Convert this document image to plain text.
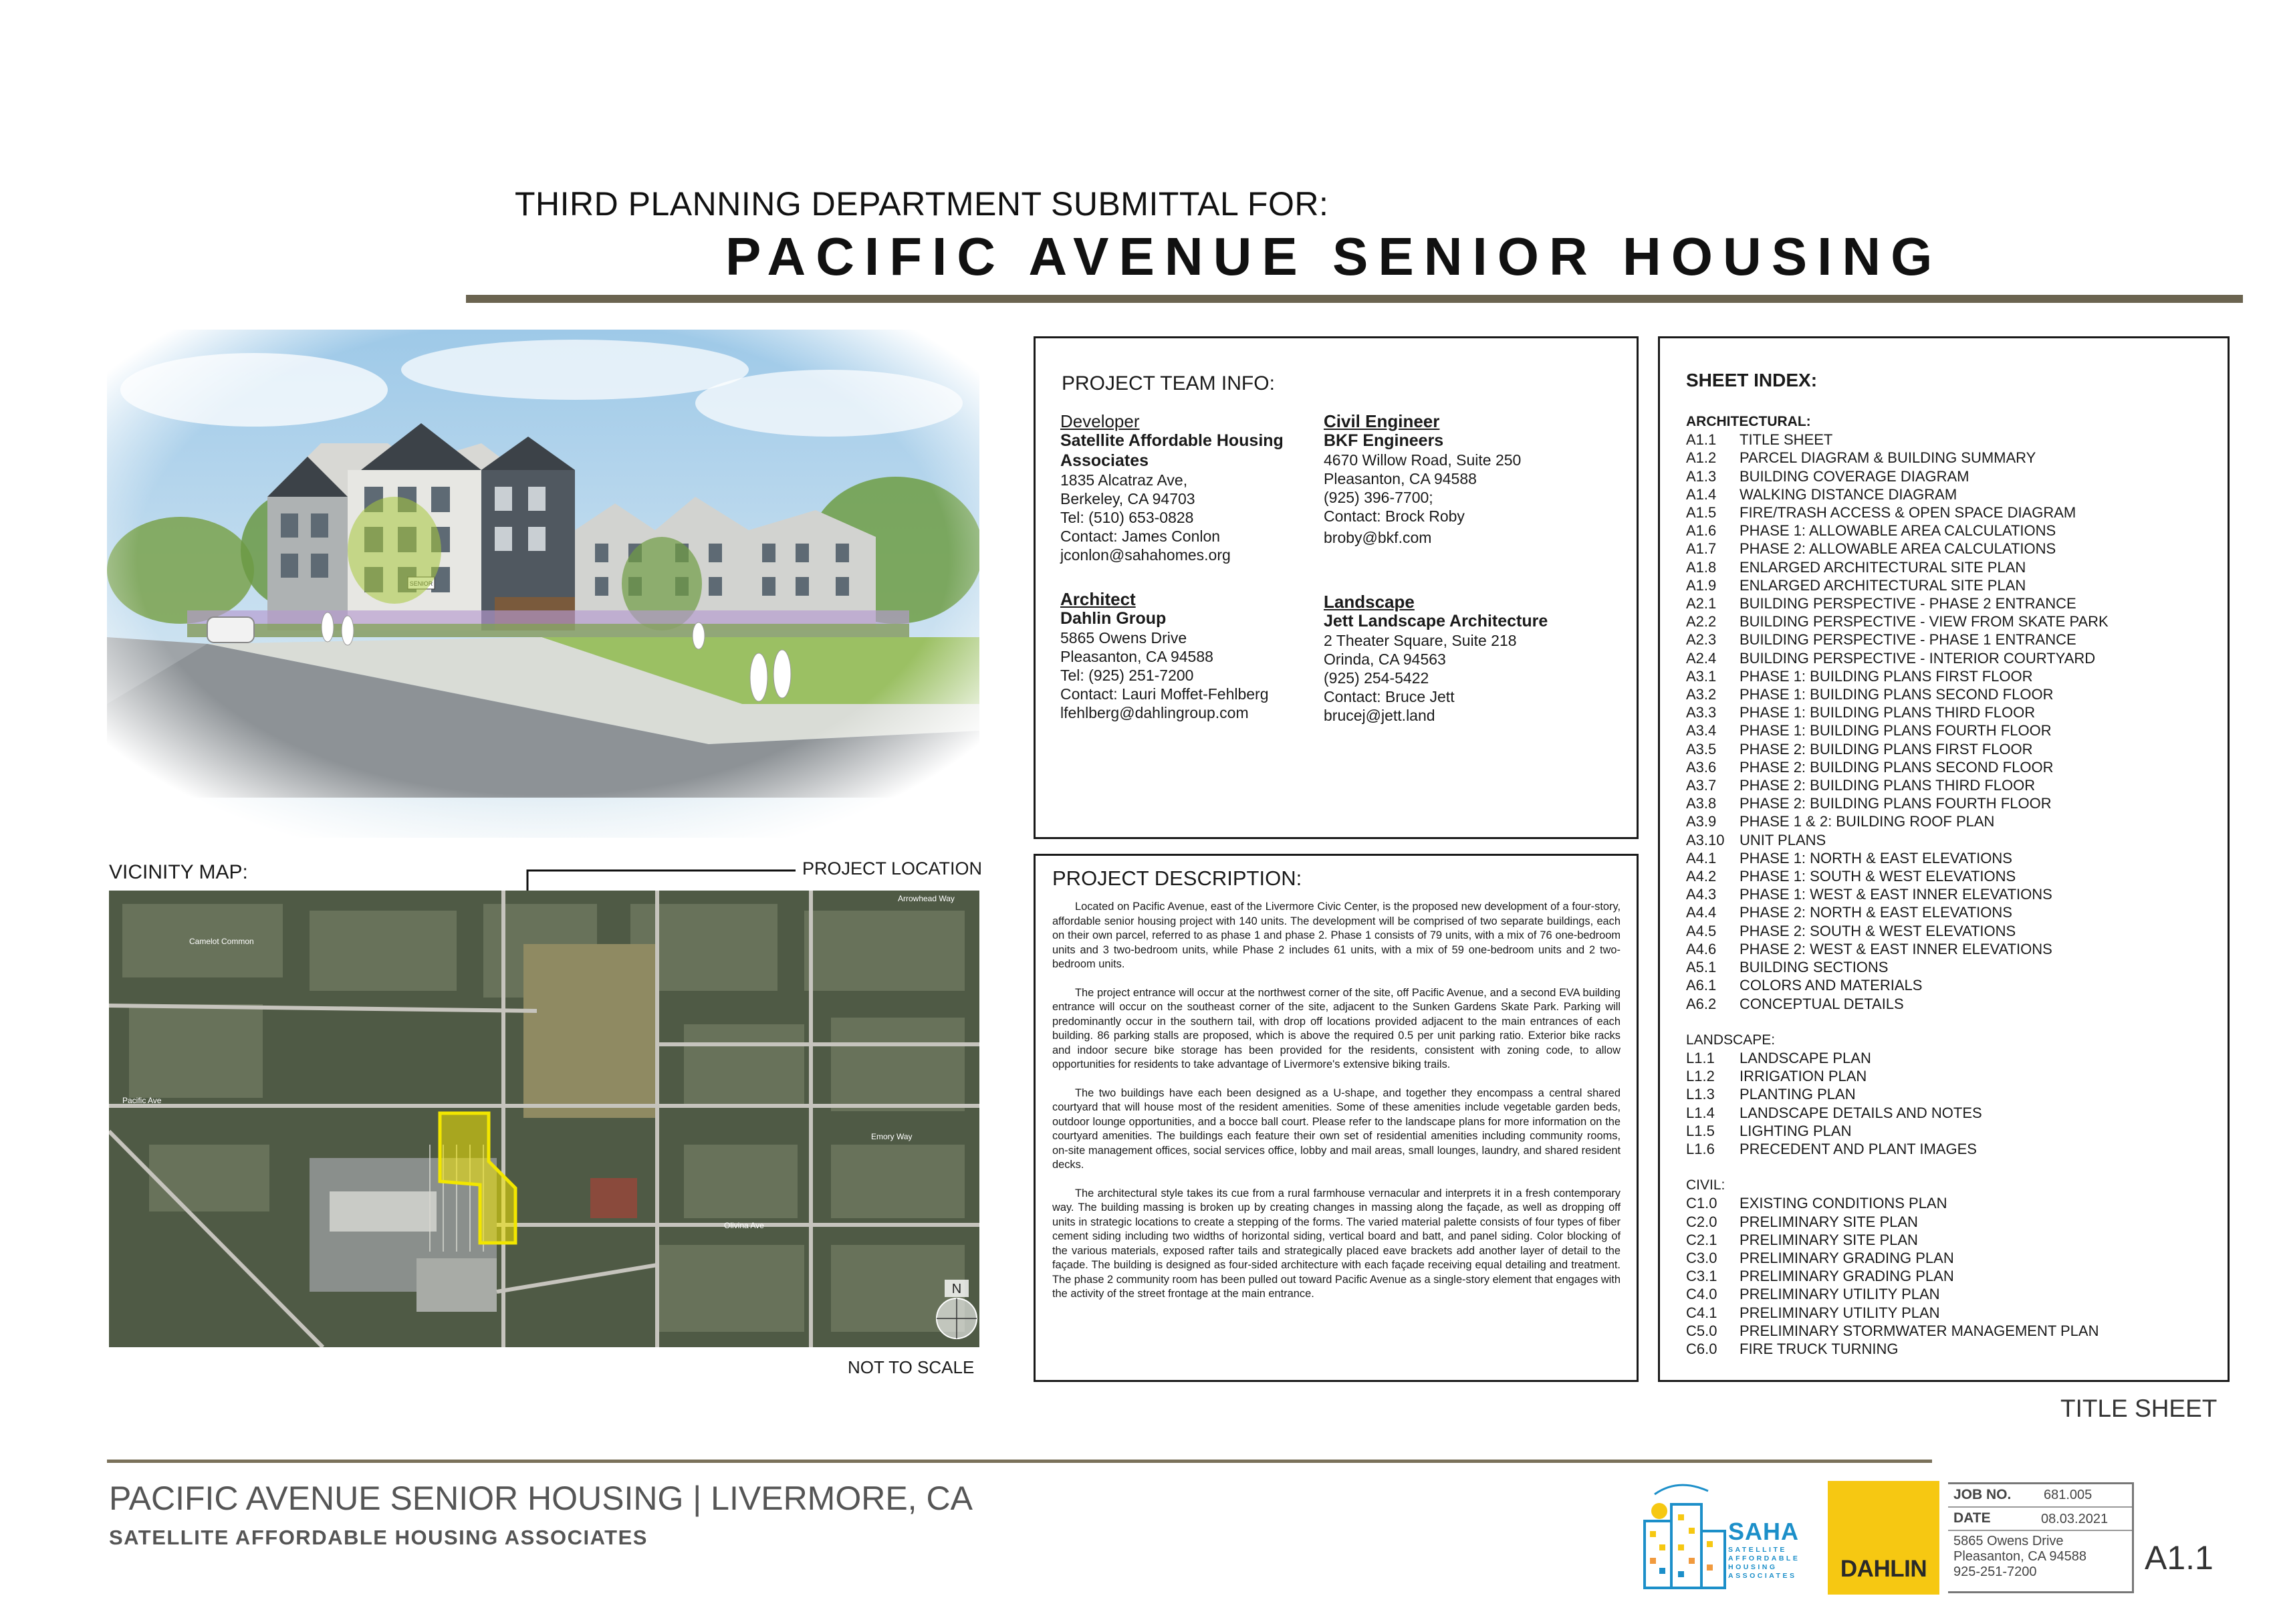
THIRD PLANNING DEPARTMENT SUBMITTAL FOR:
PACIFIC AVENUE SENIOR HOUSING
VICINITY MAP:	PROJECT LOCATION
Pacific Ave
Emory Way
Olivina Ave
Camelot Common
Arrowhead Way
N
NOT TO SCALE
PROJECT TEAM INFO:
Developer
Satellite Affordable Housing
Associates
1835 Alcatraz Ave,
Berkeley, CA 94703
Tel: (510) 653-0828
Contact: James Conlon
jconlon@sahahomes.org
Architect
Dahlin Group
5865 Owens Drive
Pleasanton, CA 94588
Tel: (925) 251-7200
Contact: Lauri Moffet-Fehlberg
lfehlberg@dahlingroup.com
Civil Engineer
BKF Engineers
4670 Willow Road, Suite 250
Pleasanton, CA 94588
(925) 396-7700;
Contact: Brock Roby
broby@bkf.com
Landscape
Jett Landscape Architecture
2 Theater Square, Suite 218
Orinda, CA 94563
(925) 254-5422
Contact: Bruce Jett
brucej@jett.land
PROJECT DESCRIPTION:

Located on Pacific Avenue, east of the Livermore Civic Center, is the proposed new development of a four-story, affordable senior housing project with 140 units. The development will be comprised of two separate buildings, each on their own parcel, referred to as phase 1 and phase 2. Phase 1 consists of 79 units, with a mix of 76 one-bedroom units and 3 two-bedroom units, while Phase 2 includes 61 units, with a mix of 59 one-bedroom units and 2 two-bedroom units.

The project entrance will occur at the northwest corner of the site, off Pacific Avenue, and a second EVA building entrance will occur on the southeast corner of the site, adjacent to the Sunken Gardens Skate Park. Parking will predominantly occur in the southern tail, with drop off locations provided adjacent to the main entrances of each building. 86 parking stalls are proposed, which is above the required 0.5 per unit parking ratio. Exterior bike racks and indoor secure bike storage has been provided for the residents, consistent with zoning code, to allow opportunities for residents to take advantage of Livermore's extensive biking trails.

The two buildings have each been designed as a U-shape, and together they encompass a central shared courtyard that will house most of the resident amenities. Some of these amenities include vegetable garden beds, outdoor lounge opportunities, and a bocce ball court. Please refer to the landscape plans for more information on the courtyard amenities. The buildings each feature their own set of residential amenities including community rooms, on-site management offices, social services office, lobby and mail areas, small lounges, laundry, and shared resident decks.

The architectural style takes its cue from a rural farmhouse vernacular and interprets it in a fresh contemporary way. The building massing is broken up by creating changes in massing along the façade, as well as dropping off units in strategic locations to create a stepping of the forms. The varied material palette consists of four types of fiber cement siding including two widths of horizontal siding, vertical board and batt, and panel siding. Color blocking of the various materials, exposed rafter tails and strategically placed eave brackets add another layer of detail to the façade. The building is designed as four-sided architecture with each façade receiving equal detailing and treatment. The phase 2 community room has been pulled out toward Pacific Avenue as a single-story element that engages with the activity of the street frontage at the main entrance.

SHEET INDEX:
ARCHITECTURAL:
A1.1 TITLE SHEET
A1.2 PARCEL DIAGRAM & BUILDING SUMMARY
A1.3 BUILDING COVERAGE DIAGRAM
A1.4 WALKING DISTANCE DIAGRAM
A1.5 FIRE/TRASH ACCESS & OPEN SPACE DIAGRAM
A1.6 PHASE 1: ALLOWABLE AREA CALCULATIONS
A1.7 PHASE 2: ALLOWABLE AREA CALCULATIONS
A1.8 ENLARGED ARCHITECTURAL SITE PLAN
A1.9 ENLARGED ARCHITECTURAL SITE PLAN
A2.1 BUILDING PERSPECTIVE - PHASE 2 ENTRANCE
A2.2 BUILDING PERSPECTIVE - VIEW FROM SKATE PARK
A2.3 BUILDING PERSPECTIVE - PHASE 1 ENTRANCE
A2.4 BUILDING PERSPECTIVE - INTERIOR COURTYARD
A3.1 PHASE 1: BUILDING PLANS FIRST FLOOR
A3.2 PHASE 1: BUILDING PLANS SECOND FLOOR
A3.3 PHASE 1: BUILDING PLANS THIRD FLOOR
A3.4 PHASE 1: BUILDING PLANS FOURTH FLOOR
A3.5 PHASE 2: BUILDING PLANS FIRST FLOOR
A3.6 PHASE 2: BUILDING PLANS SECOND FLOOR
A3.7 PHASE 2: BUILDING PLANS THIRD FLOOR
A3.8 PHASE 2: BUILDING PLANS FOURTH FLOOR
A3.9 PHASE 1 & 2: BUILDING ROOF PLAN
A3.10 UNIT PLANS
A4.1 PHASE 1: NORTH & EAST ELEVATIONS
A4.2 PHASE 1: SOUTH & WEST ELEVATIONS
A4.3 PHASE 1: WEST & EAST INNER ELEVATIONS
A4.4 PHASE 2: NORTH & EAST ELEVATIONS
A4.5 PHASE 2: SOUTH & WEST ELEVATIONS
A4.6 PHASE 2: WEST & EAST INNER ELEVATIONS
A5.1 BUILDING SECTIONS
A6.1 COLORS AND MATERIALS
A6.2 CONCEPTUAL DETAILS
LANDSCAPE:
L1.1 LANDSCAPE PLAN
L1.2 IRRIGATION PLAN
L1.3 PLANTING PLAN
L1.4 LANDSCAPE DETAILS AND NOTES
L1.5 LIGHTING PLAN
L1.6 PRECEDENT AND PLANT IMAGES
CIVIL:
C1.0 EXISTING CONDITIONS PLAN
C2.0 PRELIMINARY SITE PLAN
C2.1 PRELIMINARY SITE PLAN
C3.0 PRELIMINARY GRADING PLAN
C3.1 PRELIMINARY GRADING PLAN
C4.0 PRELIMINARY UTILITY PLAN
C4.1 PRELIMINARY UTILITY PLAN
C5.0 PRELIMINARY STORMWATER MANAGEMENT PLAN
C6.0 FIRE TRUCK TURNING
TITLE SHEET
PACIFIC AVENUE SENIOR HOUSING | LIVERMORE, CA
SATELLITE AFFORDABLE HOUSING ASSOCIATES	SAHA
SATELLITE
AFFORDABLE
HOUSING
ASSOCIATES	DAHLIN
JOB NO. 681.005
DATE	08.03.2021
5865 Owens Drive
Pleasanton, CA 94588
925-251-7200	A1.1
